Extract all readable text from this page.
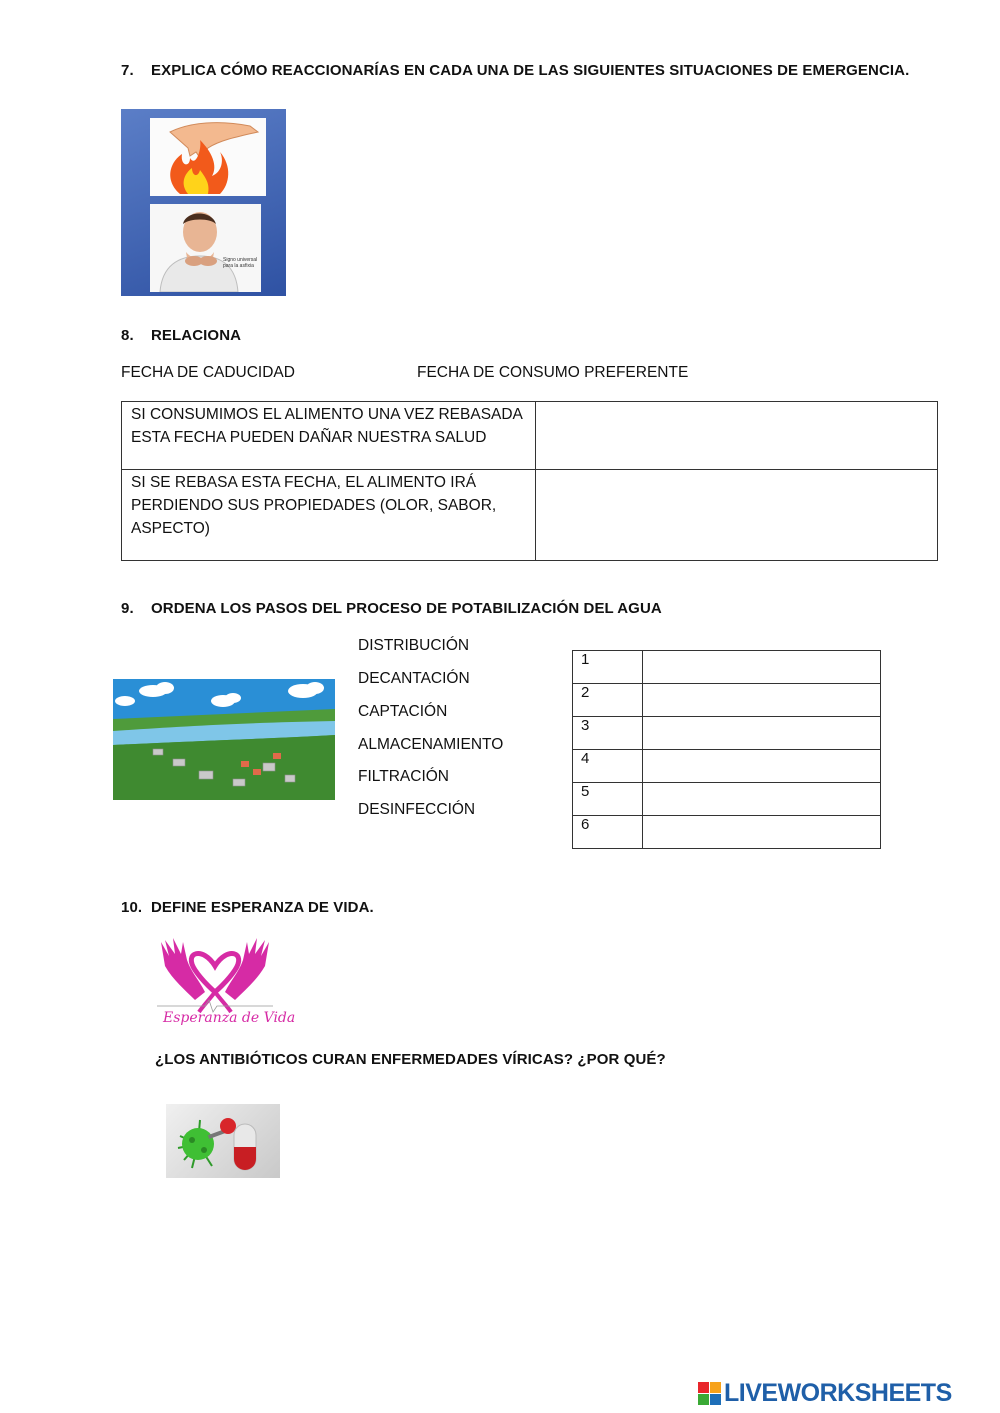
7. EXPLICA CÓMO REACCIONARÍAS EN CADA UNA DE LAS SIGUIENTES SITUACIONES DE EMERGENCIA.
Signo universal para la asfixia
8. RELACIONA
FECHA DE CADUCIDAD	FECHA DE CONSUMO PREFERENTE
SI CONSUMIMOS EL ALIMENTO UNA VEZ REBASADA ESTA FECHA PUEDEN DAÑAR NUESTRA SALUD	
SI SE REBASA ESTA FECHA, EL ALIMENTO IRÁ PERDIENDO SUS PROPIEDADES (OLOR, SABOR, ASPECTO)	
9. ORDENA LOS PASOS DEL PROCESO DE POTABILIZACIÓN DEL AGUA
DISTRIBUCIÓN
DECANTACIÓN
CAPTACIÓN
ALMACENAMIENTO
FILTRACIÓN
DESINFECCIÓN
1	
2	
3	
4	
5	
6	
10. DEFINE ESPERANZA DE VIDA.
Esperanza de Vida
¿LOS ANTIBIÓTICOS CURAN ENFERMEDADES VÍRICAS? ¿POR QUÉ?
LIVEWORKSHEETS
